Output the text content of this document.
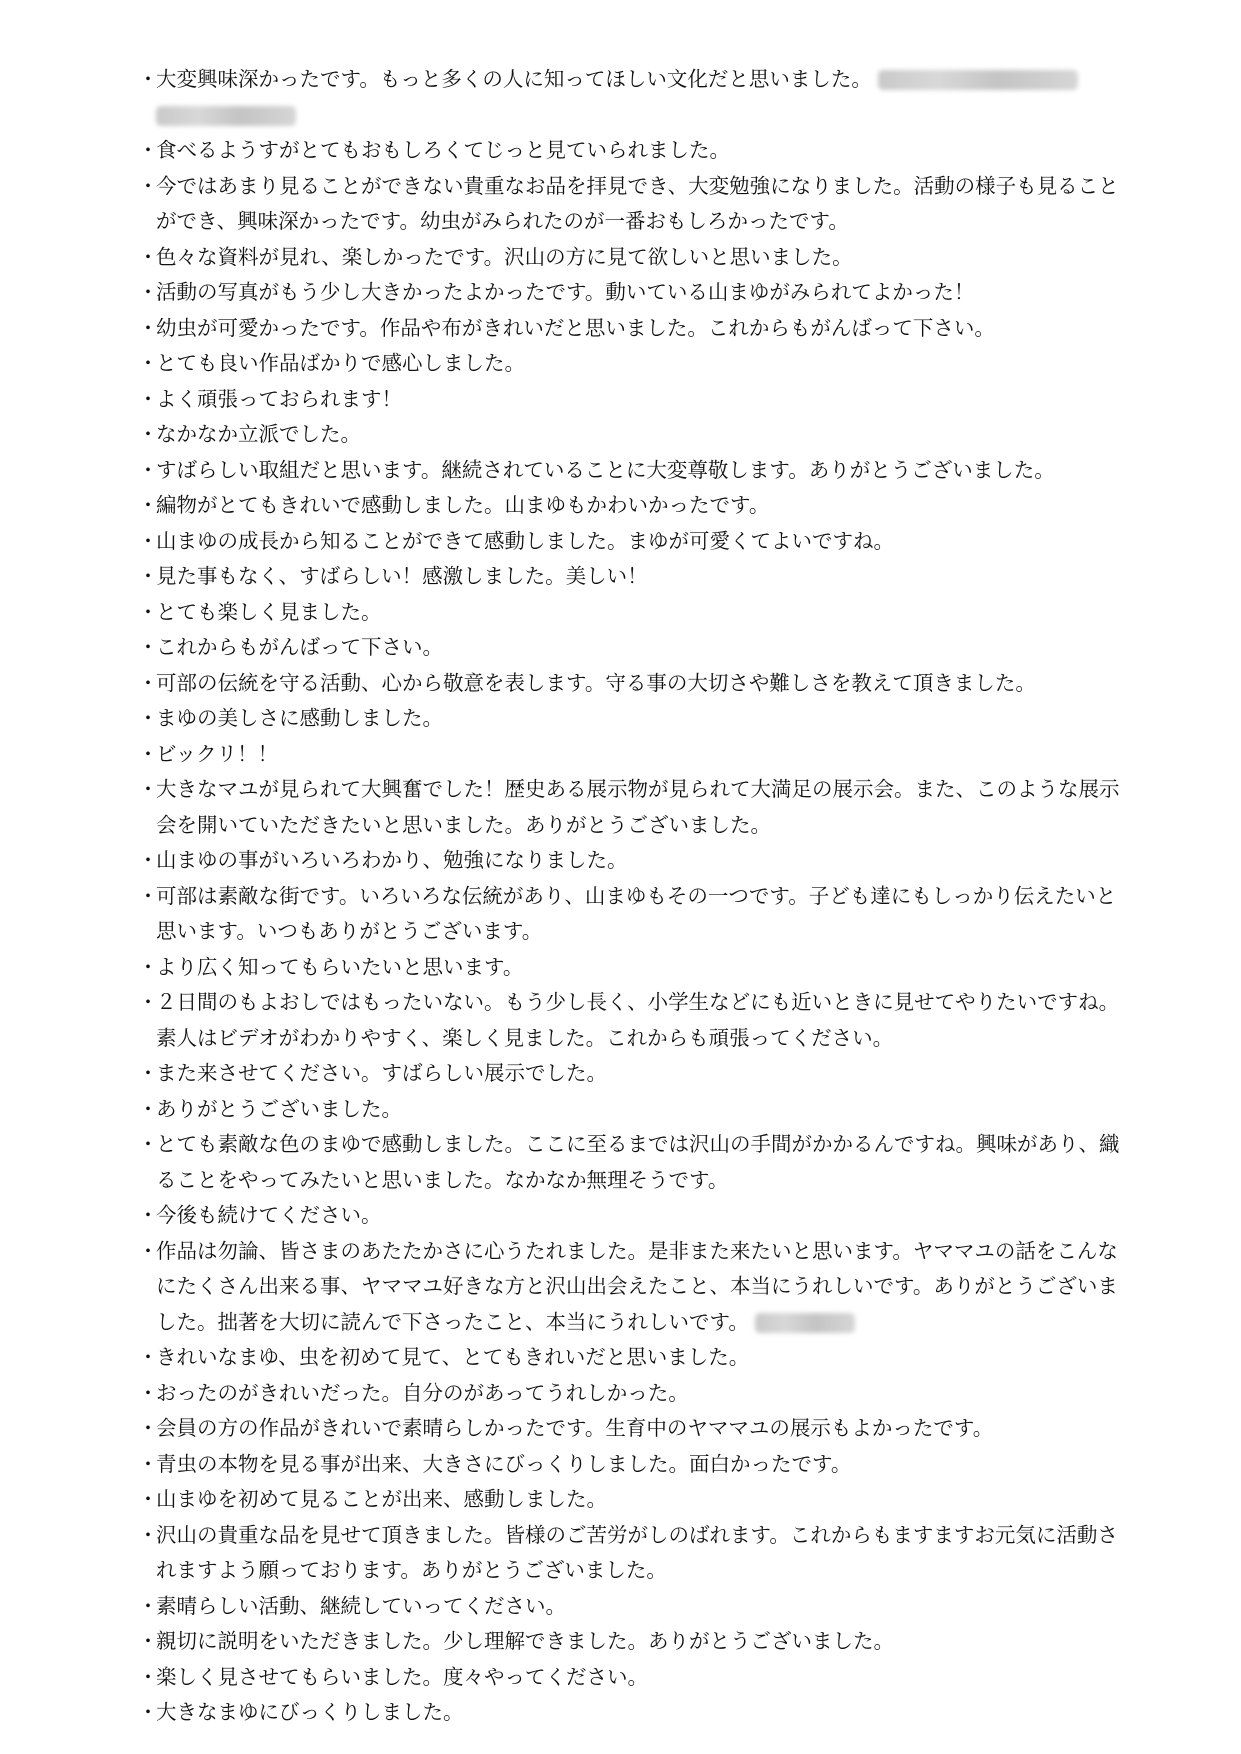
・
大変興味深かったです。もっと多くの人に知ってほしい文化だと思いました。
・
食べるようすがとてもおもしろくてじっと見ていられました。
・
今ではあまり見ることができない貴重なお品を拝見でき、大変勉強になりました。活動の様子も見ることができ、興味深かったです。幼虫がみられたのが一番おもしろかったです。
・
色々な資料が見れ、楽しかったです。沢山の方に見て欲しいと思いました。
・
活動の写真がもう少し大きかったよかったです。動いている山まゆがみられてよかった！
・
幼虫が可愛かったです。作品や布がきれいだと思いました。これからもがんばって下さい。
・
とても良い作品ばかりで感心しました。
・
よく頑張っておられます！
・
なかなか立派でした。
・
すばらしい取組だと思います。継続されていることに大変尊敬します。ありがとうございました。
・
編物がとてもきれいで感動しました。山まゆもかわいかったです。
・
山まゆの成長から知ることができて感動しました。まゆが可愛くてよいですね。
・
見た事もなく、すばらしい！感激しました。美しい！
・
とても楽しく見ました。
・
これからもがんばって下さい。
・
可部の伝統を守る活動、心から敬意を表します。守る事の大切さや難しさを教えて頂きました。
・
まゆの美しさに感動しました。
・
ビックリ！！
・
大きなマユが見られて大興奮でした！歴史ある展示物が見られて大満足の展示会。また、このような展示会を開いていただきたいと思いました。ありがとうございました。
・
山まゆの事がいろいろわかり、勉強になりました。
・
可部は素敵な街です。いろいろな伝統があり、山まゆもその一つです。子ども達にもしっかり伝えたいと思います。いつもありがとうございます。
・
より広く知ってもらいたいと思います。
・
２日間のもよおしではもったいない。もう少し長く、小学生などにも近いときに見せてやりたいですね。素人はビデオがわかりやすく、楽しく見ました。これからも頑張ってください。
・
また来させてください。すばらしい展示でした。
・
ありがとうございました。
・
とても素敵な色のまゆで感動しました。ここに至るまでは沢山の手間がかかるんですね。興味があり、織ることをやってみたいと思いました。なかなか無理そうです。
・
今後も続けてください。
・
作品は勿論、皆さまのあたたかさに心うたれました。是非また来たいと思います。ヤママユの話をこんなにたくさん出来る事、ヤママユ好きな方と沢山出会えたこと、本当にうれしいです。ありがとうございました。拙著を大切に読んで下さったこと、本当にうれしいです。
・
きれいなまゆ、虫を初めて見て、とてもきれいだと思いました。
・
おったのがきれいだった。自分のがあってうれしかった。
・
会員の方の作品がきれいで素晴らしかったです。生育中のヤママユの展示もよかったです。
・
青虫の本物を見る事が出来、大きさにびっくりしました。面白かったです。
・
山まゆを初めて見ることが出来、感動しました。
・
沢山の貴重な品を見せて頂きました。皆様のご苦労がしのばれます。これからもますますお元気に活動されますよう願っております。ありがとうございました。
・
素晴らしい活動、継続していってください。
・
親切に説明をいただきました。少し理解できました。ありがとうございました。
・
楽しく見させてもらいました。度々やってください。
・
大きなまゆにびっくりしました。
